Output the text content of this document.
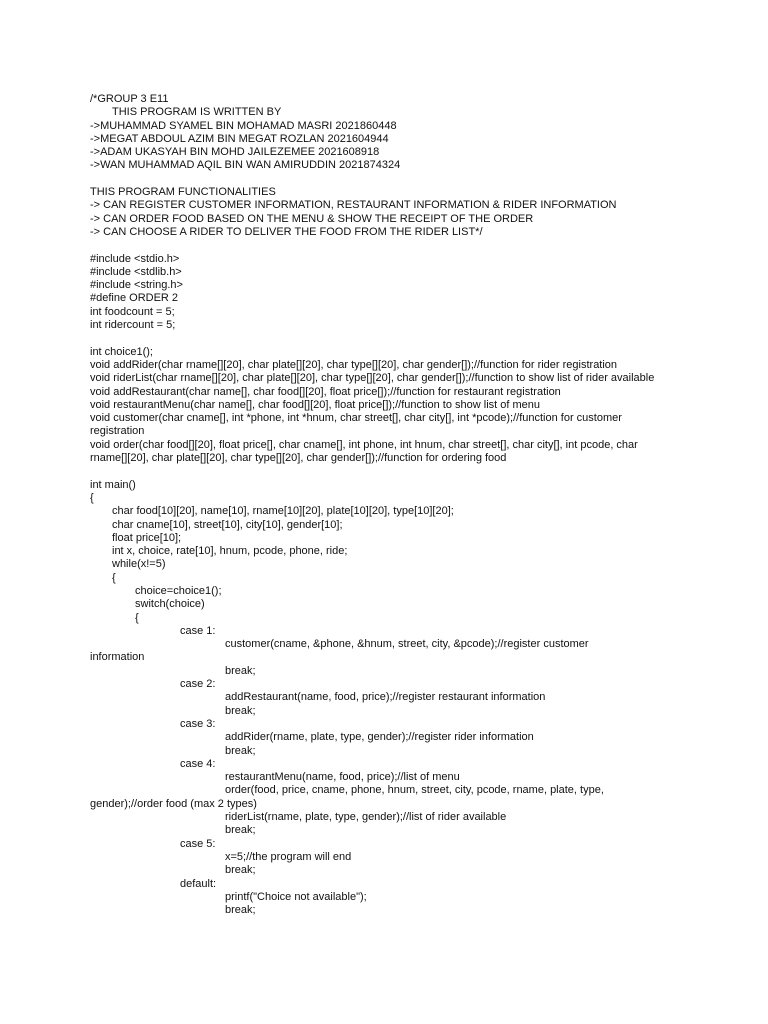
/*GROUP 3 E11
THIS PROGRAM IS WRITTEN BY
->MUHAMMAD SYAMEL BIN MOHAMAD MASRI 2021860448
->MEGAT ABDOUL AZIM BIN MEGAT ROZLAN 2021604944
->ADAM UKASYAH BIN MOHD JAILEZEMEE 2021608918
->WAN MUHAMMAD AQIL BIN WAN AMIRUDDIN 2021874324
THIS PROGRAM FUNCTIONALITIES
-> CAN REGISTER CUSTOMER INFORMATION, RESTAURANT INFORMATION & RIDER INFORMATION
-> CAN ORDER FOOD BASED ON THE MENU & SHOW THE RECEIPT OF THE ORDER
-> CAN CHOOSE A RIDER TO DELIVER THE FOOD FROM THE RIDER LIST*/
#include <stdio.h>
#include <stdlib.h>
#include <string.h>
#define ORDER 2
int foodcount = 5;
int ridercount = 5;
int choice1();
void addRider(char rname[][20], char plate[][20], char type[][20], char gender[]);//function for rider registration
void riderList(char rname[][20], char plate[][20], char type[][20], char gender[]);//function to show list of rider available
void addRestaurant(char name[], char food[][20], float price[]);//function for restaurant registration
void restaurantMenu(char name[], char food[][20], float price[]);//function to show list of menu
void customer(char cname[], int *phone, int *hnum, char street[], char city[], int *pcode);//function for customer
registration
void order(char food[][20], float price[], char cname[], int phone, int hnum, char street[], char city[], int pcode, char
rname[][20], char plate[][20], char type[][20], char gender[]);//function for ordering food
int main()
{
char food[10][20], name[10], rname[10][20], plate[10][20], type[10][20];
char cname[10], street[10], city[10], gender[10];
float price[10];
int x, choice, rate[10], hnum, pcode, phone, ride;
while(x!=5)
{
choice=choice1();
switch(choice)
{
case 1:
customer(cname, &phone, &hnum, street, city, &pcode);//register customer
information
break;
case 2:
addRestaurant(name, food, price);//register restaurant information
break;
case 3:
addRider(rname, plate, type, gender);//register rider information
break;
case 4:
restaurantMenu(name, food, price);//list of menu
order(food, price, cname, phone, hnum, street, city, pcode, rname, plate, type,
gender);//order food (max 2 types)
riderList(rname, plate, type, gender);//list of rider available
break;
case 5:
x=5;//the program will end
break;
default:
printf("Choice not available");
break;
